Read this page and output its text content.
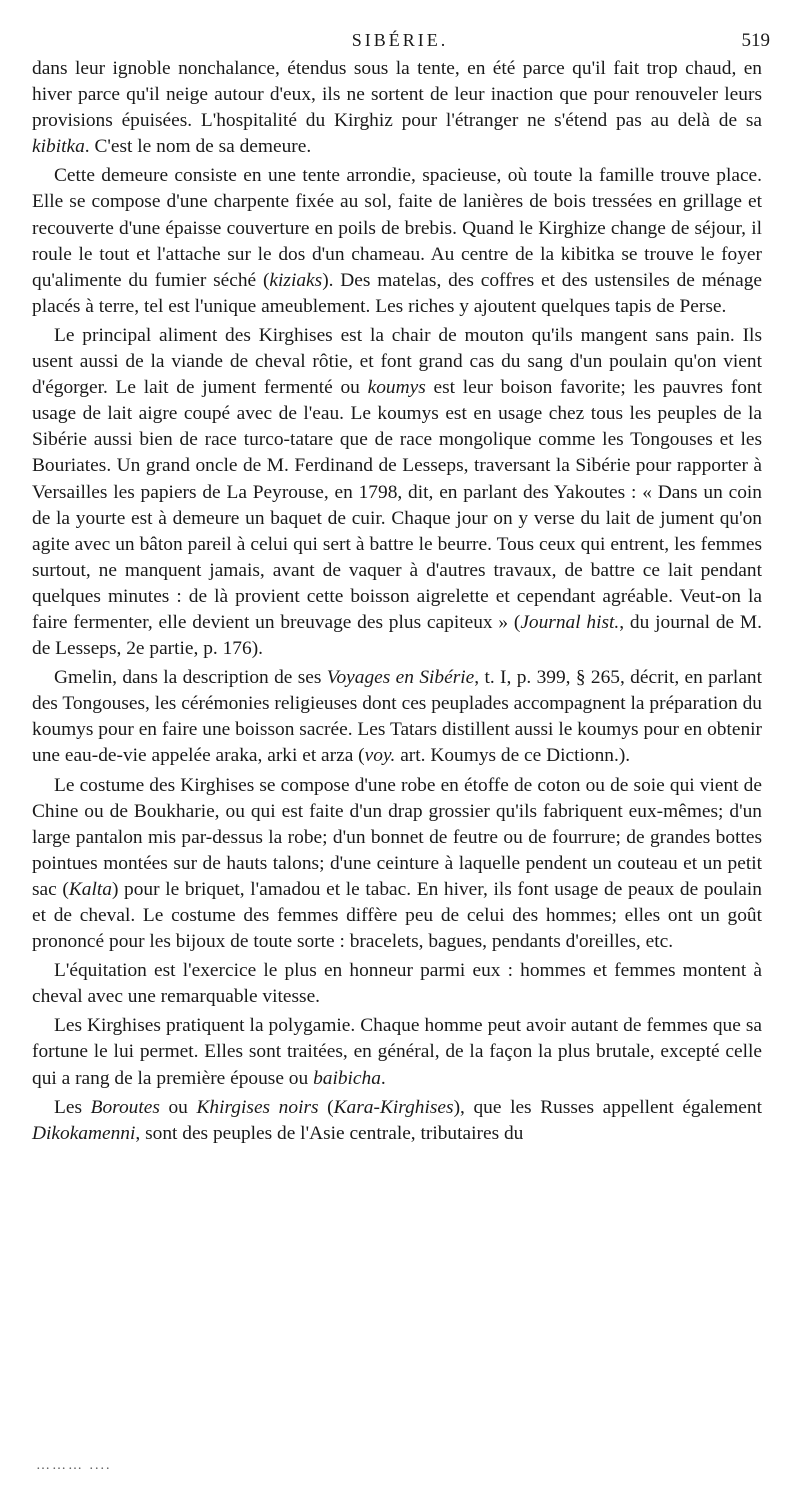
SIBÉRIE.	519

dans leur ignoble nonchalance, étendus sous la tente, en été parce qu'il fait trop chaud, en hiver parce qu'il neige autour d'eux, ils ne sortent de leur inaction que pour renouveler leurs provisions épuisées. L'hospitalité du Kirghiz pour l'étranger ne s'étend pas au delà de sa kibitka. C'est le nom de sa demeure.

Cette demeure consiste en une tente arrondie, spacieuse, où toute la famille trouve place. Elle se compose d'une charpente fixée au sol, faite de lanières de bois tressées en grillage et recouverte d'une épaisse couverture en poils de brebis. Quand le Kirghize change de séjour, il roule le tout et l'attache sur le dos d'un chameau. Au centre de la kibitka se trouve le foyer qu'alimente du fumier séché (kiziaks). Des matelas, des coffres et des ustensiles de ménage placés à terre, tel est l'unique ameublement. Les riches y ajoutent quelques tapis de Perse.

Le principal aliment des Kirghises est la chair de mouton qu'ils mangent sans pain. Ils usent aussi de la viande de cheval rôtie, et font grand cas du sang d'un poulain qu'on vient d'égorger. Le lait de jument fermenté ou koumys est leur boison favorite; les pauvres font usage de lait aigre coupé avec de l'eau. Le koumys est en usage chez tous les peuples de la Sibérie aussi bien de race turco-tatare que de race mongolique comme les Tongouses et les Bouriates. Un grand oncle de M. Ferdinand de Lesseps, traversant la Sibérie pour rapporter à Versailles les papiers de La Peyrouse, en 1798, dit, en parlant des Yakoutes : « Dans un coin de la yourte est à demeure un baquet de cuir. Chaque jour on y verse du lait de jument qu'on agite avec un bâton pareil à celui qui sert à battre le beurre. Tous ceux qui entrent, les femmes surtout, ne manquent jamais, avant de vaquer à d'autres travaux, de battre ce lait pendant quelques minutes : de là provient cette boisson aigrelette et cependant agréable. Veut-on la faire fermenter, elle devient un breuvage des plus capiteux » (Journal hist., du journal de M. de Lesseps, 2e partie, p. 176).

Gmelin, dans la description de ses Voyages en Sibérie, t. I, p. 399, § 265, décrit, en parlant des Tongouses, les cérémonies religieuses dont ces peuplades accompagnent la préparation du koumys pour en faire une boisson sacrée. Les Tatars distillent aussi le koumys pour en obtenir une eau-de-vie appelée araka, arki et arza (voy. art. Koumys de ce Dictionn.).

Le costume des Kirghises se compose d'une robe en étoffe de coton ou de soie qui vient de Chine ou de Boukharie, ou qui est faite d'un drap grossier qu'ils fabriquent eux-mêmes; d'un large pantalon mis par-dessus la robe; d'un bonnet de feutre ou de fourrure; de grandes bottes pointues montées sur de hauts talons; d'une ceinture à laquelle pendent un couteau et un petit sac (Kalta) pour le briquet, l'amadou et le tabac. En hiver, ils font usage de peaux de poulain et de cheval. Le costume des femmes diffère peu de celui des hommes; elles ont un goût prononcé pour les bijoux de toute sorte : bracelets, bagues, pendants d'oreilles, etc.

L'équitation est l'exercice le plus en honneur parmi eux : hommes et femmes montent à cheval avec une remarquable vitesse.

Les Kirghises pratiquent la polygamie. Chaque homme peut avoir autant de femmes que sa fortune le lui permet. Elles sont traitées, en général, de la façon la plus brutale, excepté celle qui a rang de la première épouse ou baibicha.

Les Boroutes ou Khirgises noirs (Kara-Kirghises), que les Russes appellent également Dikokamenni, sont des peuples de l'Asie centrale, tributaires du

……… ....
